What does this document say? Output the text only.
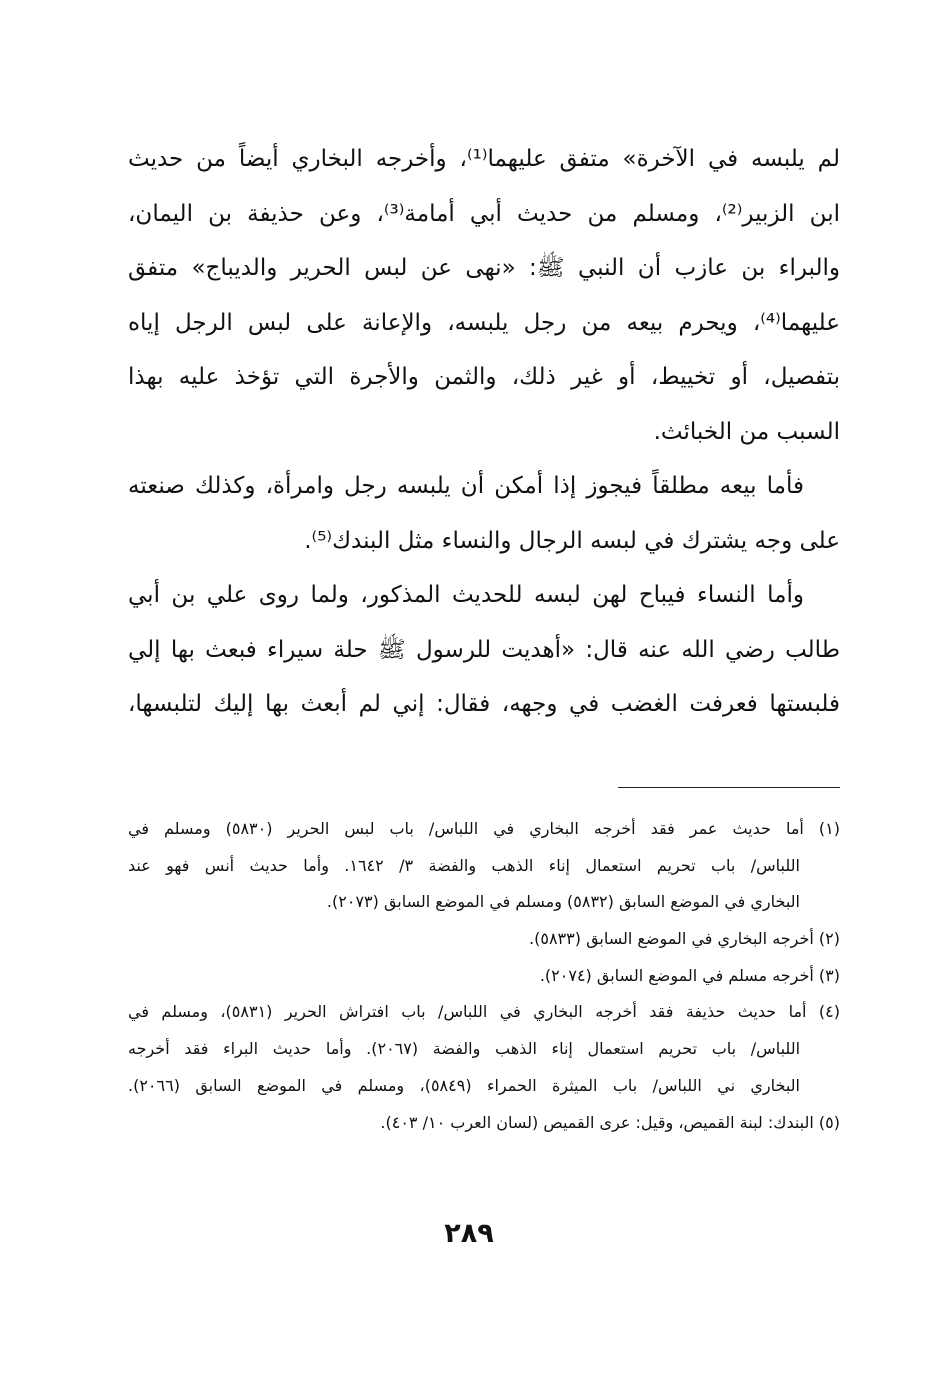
لم يلبسه في الآخرة» متفق عليهما⁽¹⁾، وأخرجه البخاري أيضاً من حديث
ابن الزبير⁽²⁾، ومسلم من حديث أبي أمامة⁽³⁾، وعن حذيفة بن اليمان،
والبراء بن عازب أن النبي ﷺ: «نهى عن لبس الحرير والديباج» متفق
عليهما⁽⁴⁾، ويحرم بيعه من رجل يلبسه، والإعانة على لبس الرجل إياه
بتفصيل، أو تخييط، أو غير ذلك، والثمن والأجرة التي تؤخذ عليه بهذا
السبب من الخبائث.
فأما بيعه مطلقاً فيجوز إذا أمكن أن يلبسه رجل وامرأة، وكذلك صنعته
على وجه يشترك في لبسه الرجال والنساء مثل البندك⁽⁵⁾.
وأما النساء فيباح لهن لبسه للحديث المذكور، ولما روى علي بن أبي
طالب رضي الله عنه قال: «أهديت للرسول ﷺ حلة سيراء فبعث بها إلي
فلبستها فعرفت الغضب في وجهه، فقال: إني لم أبعث بها إليك لتلبسها،
(١) أما حديث عمر فقد أخرجه البخاري في اللباس/ باب لبس الحرير (٥٨٣٠) ومسلم في
اللباس/ باب تحريم استعمال إناء الذهب والفضة ٣/ ١٦٤٢. وأما حديث أنس فهو عند
البخاري في الموضع السابق (٥٨٣٢) ومسلم في الموضع السابق (٢٠٧٣).
(٢) أخرجه البخاري في الموضع السابق (٥٨٣٣).
(٣) أخرجه مسلم في الموضع السابق (٢٠٧٤).
(٤) أما حديث حذيفة فقد أخرجه البخاري في اللباس/ باب افتراش الحرير (٥٨٣١)، ومسلم في
اللباس/ باب تحريم استعمال إناء الذهب والفضة (٢٠٦٧). وأما حديث البراء فقد أخرجه
البخاري ني اللباس/ باب الميثرة الحمراء (٥٨٤٩)، ومسلم في الموضع السابق (٢٠٦٦).
(٥) البندك: لبنة القميص، وقيل: عرى القميص (لسان العرب ١٠/ ٤٠٣).
٢٨٩
